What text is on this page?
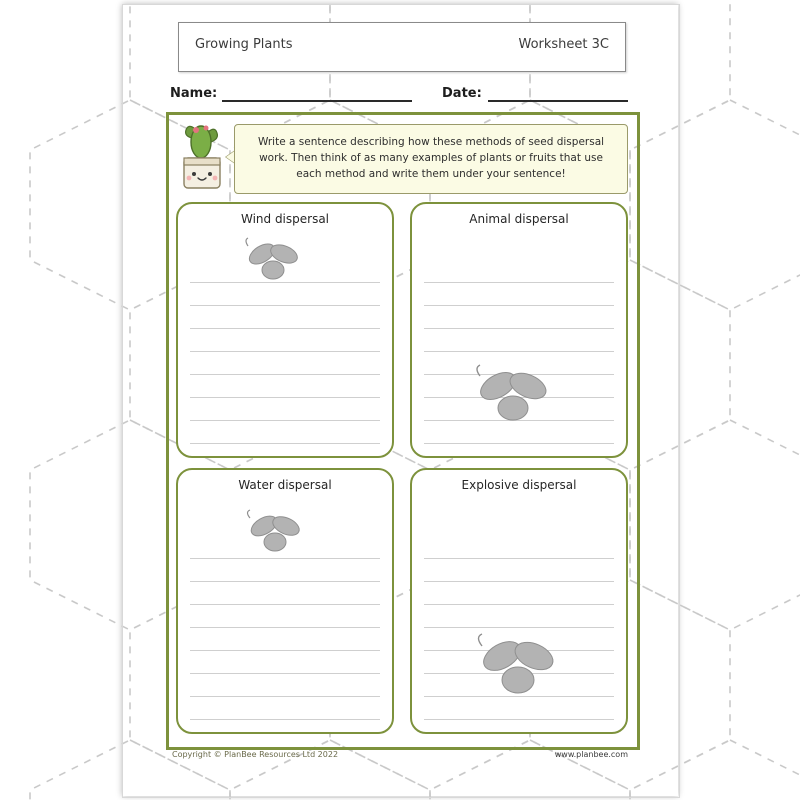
Growing Plants	Worksheet 3C
Name:	Date:
Write a sentence describing how these methods of seed dispersal work. Then think of as many examples of plants or fruits that use each method and write them under your sentence!
Wind dispersal	Animal dispersal
Water dispersal	Explosive dispersal
Copyright © PlanBee Resources Ltd 2022	www.planbee.com
